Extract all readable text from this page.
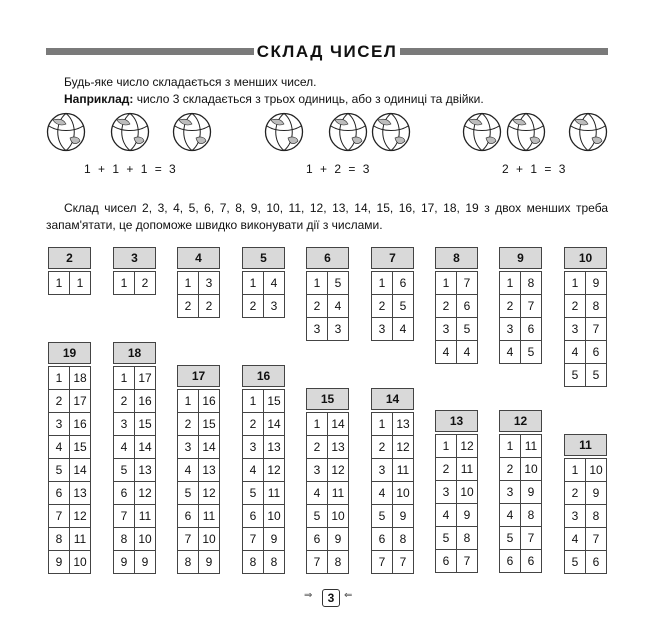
СКЛАД ЧИСЕЛ
Будь-яке число складається з менших чисел.
Наприклад: число 3 складається з трьох одиниць, або з одиниці та двійки.
1 + 1 + 1 = 3	1 + 2 = 3	2 + 1 = 3
Склад чисел 2, 3, 4, 5, 6, 7, 8, 9, 10, 11, 12, 13, 14, 15, 16, 17, 18, 19 з двох менших треба запам'ятати, це допоможе швидко виконувати дії з числами.
2

1	1
3

1	2
4	

1	3
2	2
5	

1	4
2	3
6	

1	5
2	4
3	3
7	

1	6
2	5
3	4
8	

1	7
2	6
3	5
4	4
9	

1	8
2	7
3	6
4	5
10	

1	9
2	8
3	7
4	6
5	5
19	

1	18
2	17
3	16
4	15
5	14
6	13
7	12
8	11
9	10
18	

1	17
2	16
3	15
4	14
5	13
6	12
7	11
8	10
9	9
17	

1	16
2	15
3	14
4	13
5	12
6	11
7	10
8	9
16	

1	15
2	14
3	13
4	12
5	11
6	10
7	9
8	8
15	

1	14
2	13
3	12
4	11
5	10
6	9
7	8
14	

1	13
2	12
3	11
4	10
5	9
6	8
7	7
13	

1	12
2	11
3	10
4	9
5	8
6	7
12	

1	11
2	10
3	9
4	8
5	7
6	6
11	

1	10
2	9
3	8
4	7
5	6
⇒	3 ⇐
